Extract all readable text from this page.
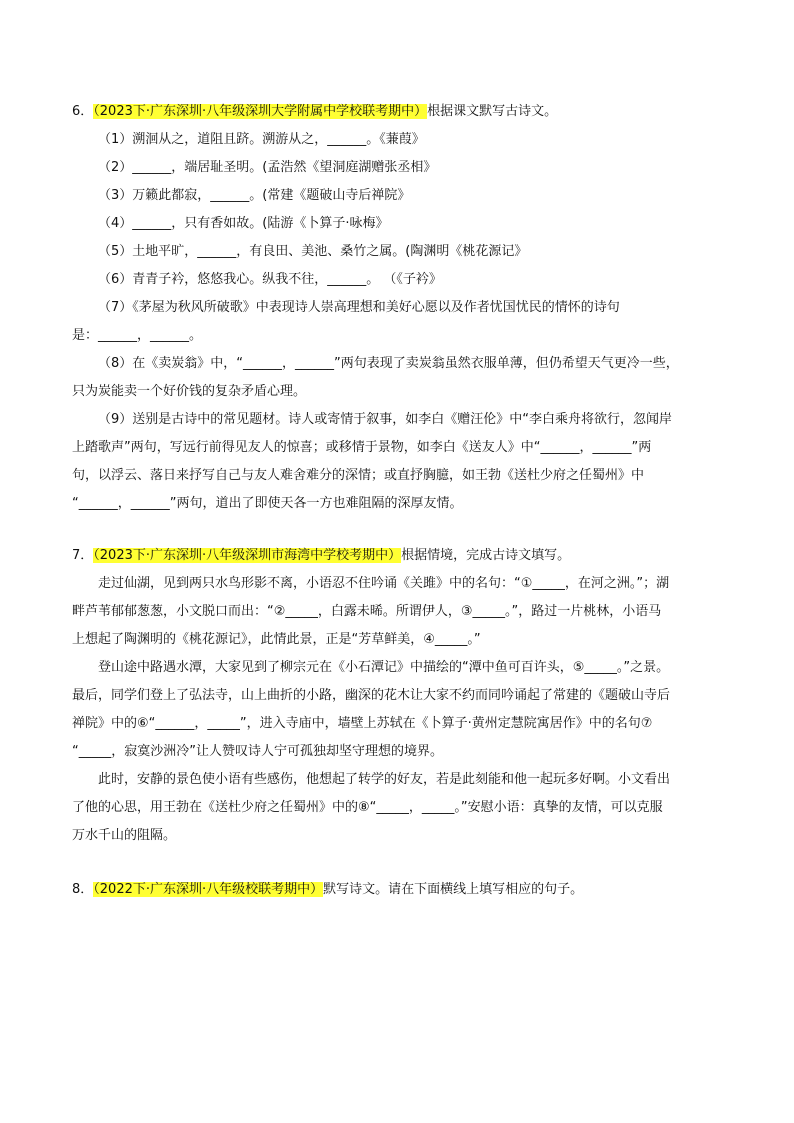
6．（2023下·广东深圳·八年级深圳大学附属中学校联考期中）根据课文默写古诗文。
（1）溯洄从之，道阻且跻。溯游从之，______。《蒹葭》
（2）______，端居耻圣明。(孟浩然《望洞庭湖赠张丞相》
（3）万籁此都寂，______。(常建《题破山寺后禅院》
（4）______，只有香如故。(陆游《卜算子·咏梅》
（5）土地平旷，______，有良田、美池、桑竹之属。(陶渊明《桃花源记》
（6）青青子衿，悠悠我心。纵我不往，______。 （《子衿》
（7）《茅屋为秋风所破歌》中表现诗人崇高理想和美好心愿以及作者忧国忧民的情怀的诗句
是：______，______。
（8）在《卖炭翁》中，“______，______”两句表现了卖炭翁虽然衣服单薄，但仍希望天气更冷一些，
只为炭能卖一个好价钱的复杂矛盾心理。
（9）送别是古诗中的常见题材。诗人或寄情于叙事，如李白《赠汪伦》中“李白乘舟将欲行，忽闻岸
上踏歌声”两句，写远行前得见友人的惊喜；或移情于景物，如李白《送友人》中“______，______”两
句，以浮云、落日来抒写自己与友人难舍难分的深情；或直抒胸臆，如王勃《送杜少府之任蜀州》中
“______，______”两句，道出了即使天各一方也难阻隔的深厚友情。
7．（2023下·广东深圳·八年级深圳市海湾中学校考期中）根据情境，完成古诗文填写。
走过仙湖，见到两只水鸟形影不离，小语忍不住吟诵《关雎》中的名句：“①_____，在河之洲。”；湖
畔芦苇郁郁葱葱，小文脱口而出：“②_____，白露未晞。所谓伊人，③_____。”，路过一片桃林，小语马
上想起了陶渊明的《桃花源记》，此情此景，正是“芳草鲜美，④_____。”
登山途中路遇水潭，大家见到了柳宗元在《小石潭记》中描绘的“潭中鱼可百许头，⑤_____。”之景。
最后，同学们登上了弘法寺，山上曲折的小路，幽深的花木让大家不约而同吟诵起了常建的《题破山寺后
禅院》中的⑥“______，_____”，进入寺庙中，墙壁上苏轼在《卜算子·黄州定慧院寓居作》中的名句⑦
“_____，寂寞沙洲冷”让人赞叹诗人宁可孤独却坚守理想的境界。
此时，安静的景色使小语有些感伤，他想起了转学的好友，若是此刻能和他一起玩多好啊。小文看出
了他的心思，用王勃在《送杜少府之任蜀州》中的⑧“_____，_____。”安慰小语：真挚的友情，可以克服
万水千山的阻隔。
8．（2022下·广东深圳·八年级校联考期中）默写诗文。请在下面横线上填写相应的句子。
